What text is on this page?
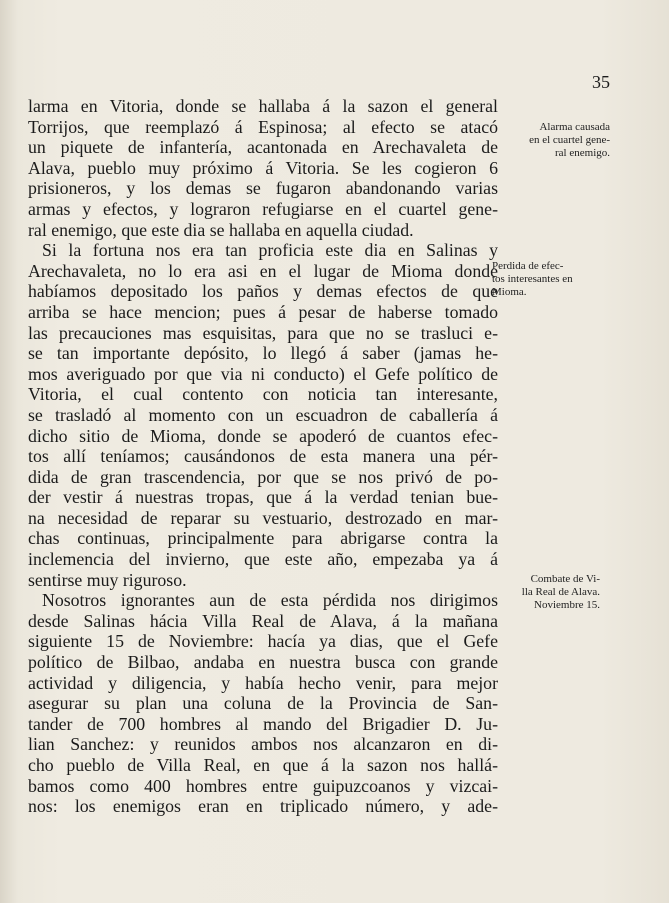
35
larma en Vitoria, donde se hallaba á la sazon el general
Torrijos, que reemplazó á Espinosa; al efecto se atacó
un piquete de infantería, acantonada en Arechavaleta de
Alava, pueblo muy próximo á Vitoria. Se les cogieron 6
prisioneros, y los demas se fugaron abandonando varias
armas y efectos, y lograron refugiarse en el cuartel gene-
ral enemigo, que este dia se hallaba en aquella ciudad.
Si la fortuna nos era tan proficia este dia en Salinas y
Arechavaleta, no lo era asi en el lugar de Mioma donde
habíamos depositado los paños y demas efectos de que
arriba se hace mencion; pues á pesar de haberse tomado
las precauciones mas esquisitas, para que no se trasluci e-
se tan importante depósito, lo llegó á saber (jamas he-
mos averiguado por que via ni conducto) el Gefe político de
Vitoria, el cual contento con noticia tan interesante,
se trasladó al momento con un escuadron de caballería á
dicho sitio de Mioma, donde se apoderó de cuantos efec-
tos allí teníamos; causándonos de esta manera una pér-
dida de gran trascendencia, por que se nos privó de po-
der vestir á nuestras tropas, que á la verdad tenian bue-
na necesidad de reparar su vestuario, destrozado en mar-
chas continuas, principalmente para abrigarse contra la
inclemencia del invierno, que este año, empezaba ya á
sentirse muy riguroso.
Nosotros ignorantes aun de esta pérdida nos dirigimos
desde Salinas hácia Villa Real de Alava, á la mañana
siguiente 15 de Noviembre: hacía ya dias, que el Gefe
político de Bilbao, andaba en nuestra busca con grande
actividad y diligencia, y había hecho venir, para mejor
asegurar su plan una coluna de la Provincia de San-
tander de 700 hombres al mando del Brigadier D. Ju-
lian Sanchez: y reunidos ambos nos alcanzaron en di-
cho pueblo de Villa Real, en que á la sazon nos hallá-
bamos como 400 hombres entre guipuzcoanos y vizcai-
nos: los enemigos eran en triplicado número, y ade-
Alarma causada
en el cuartel gene-
ral enemigo.
Perdida de efec-
tos interesantes en
Mioma.
Combate de Vi-
lla Real de Alava.
Noviembre 15.
